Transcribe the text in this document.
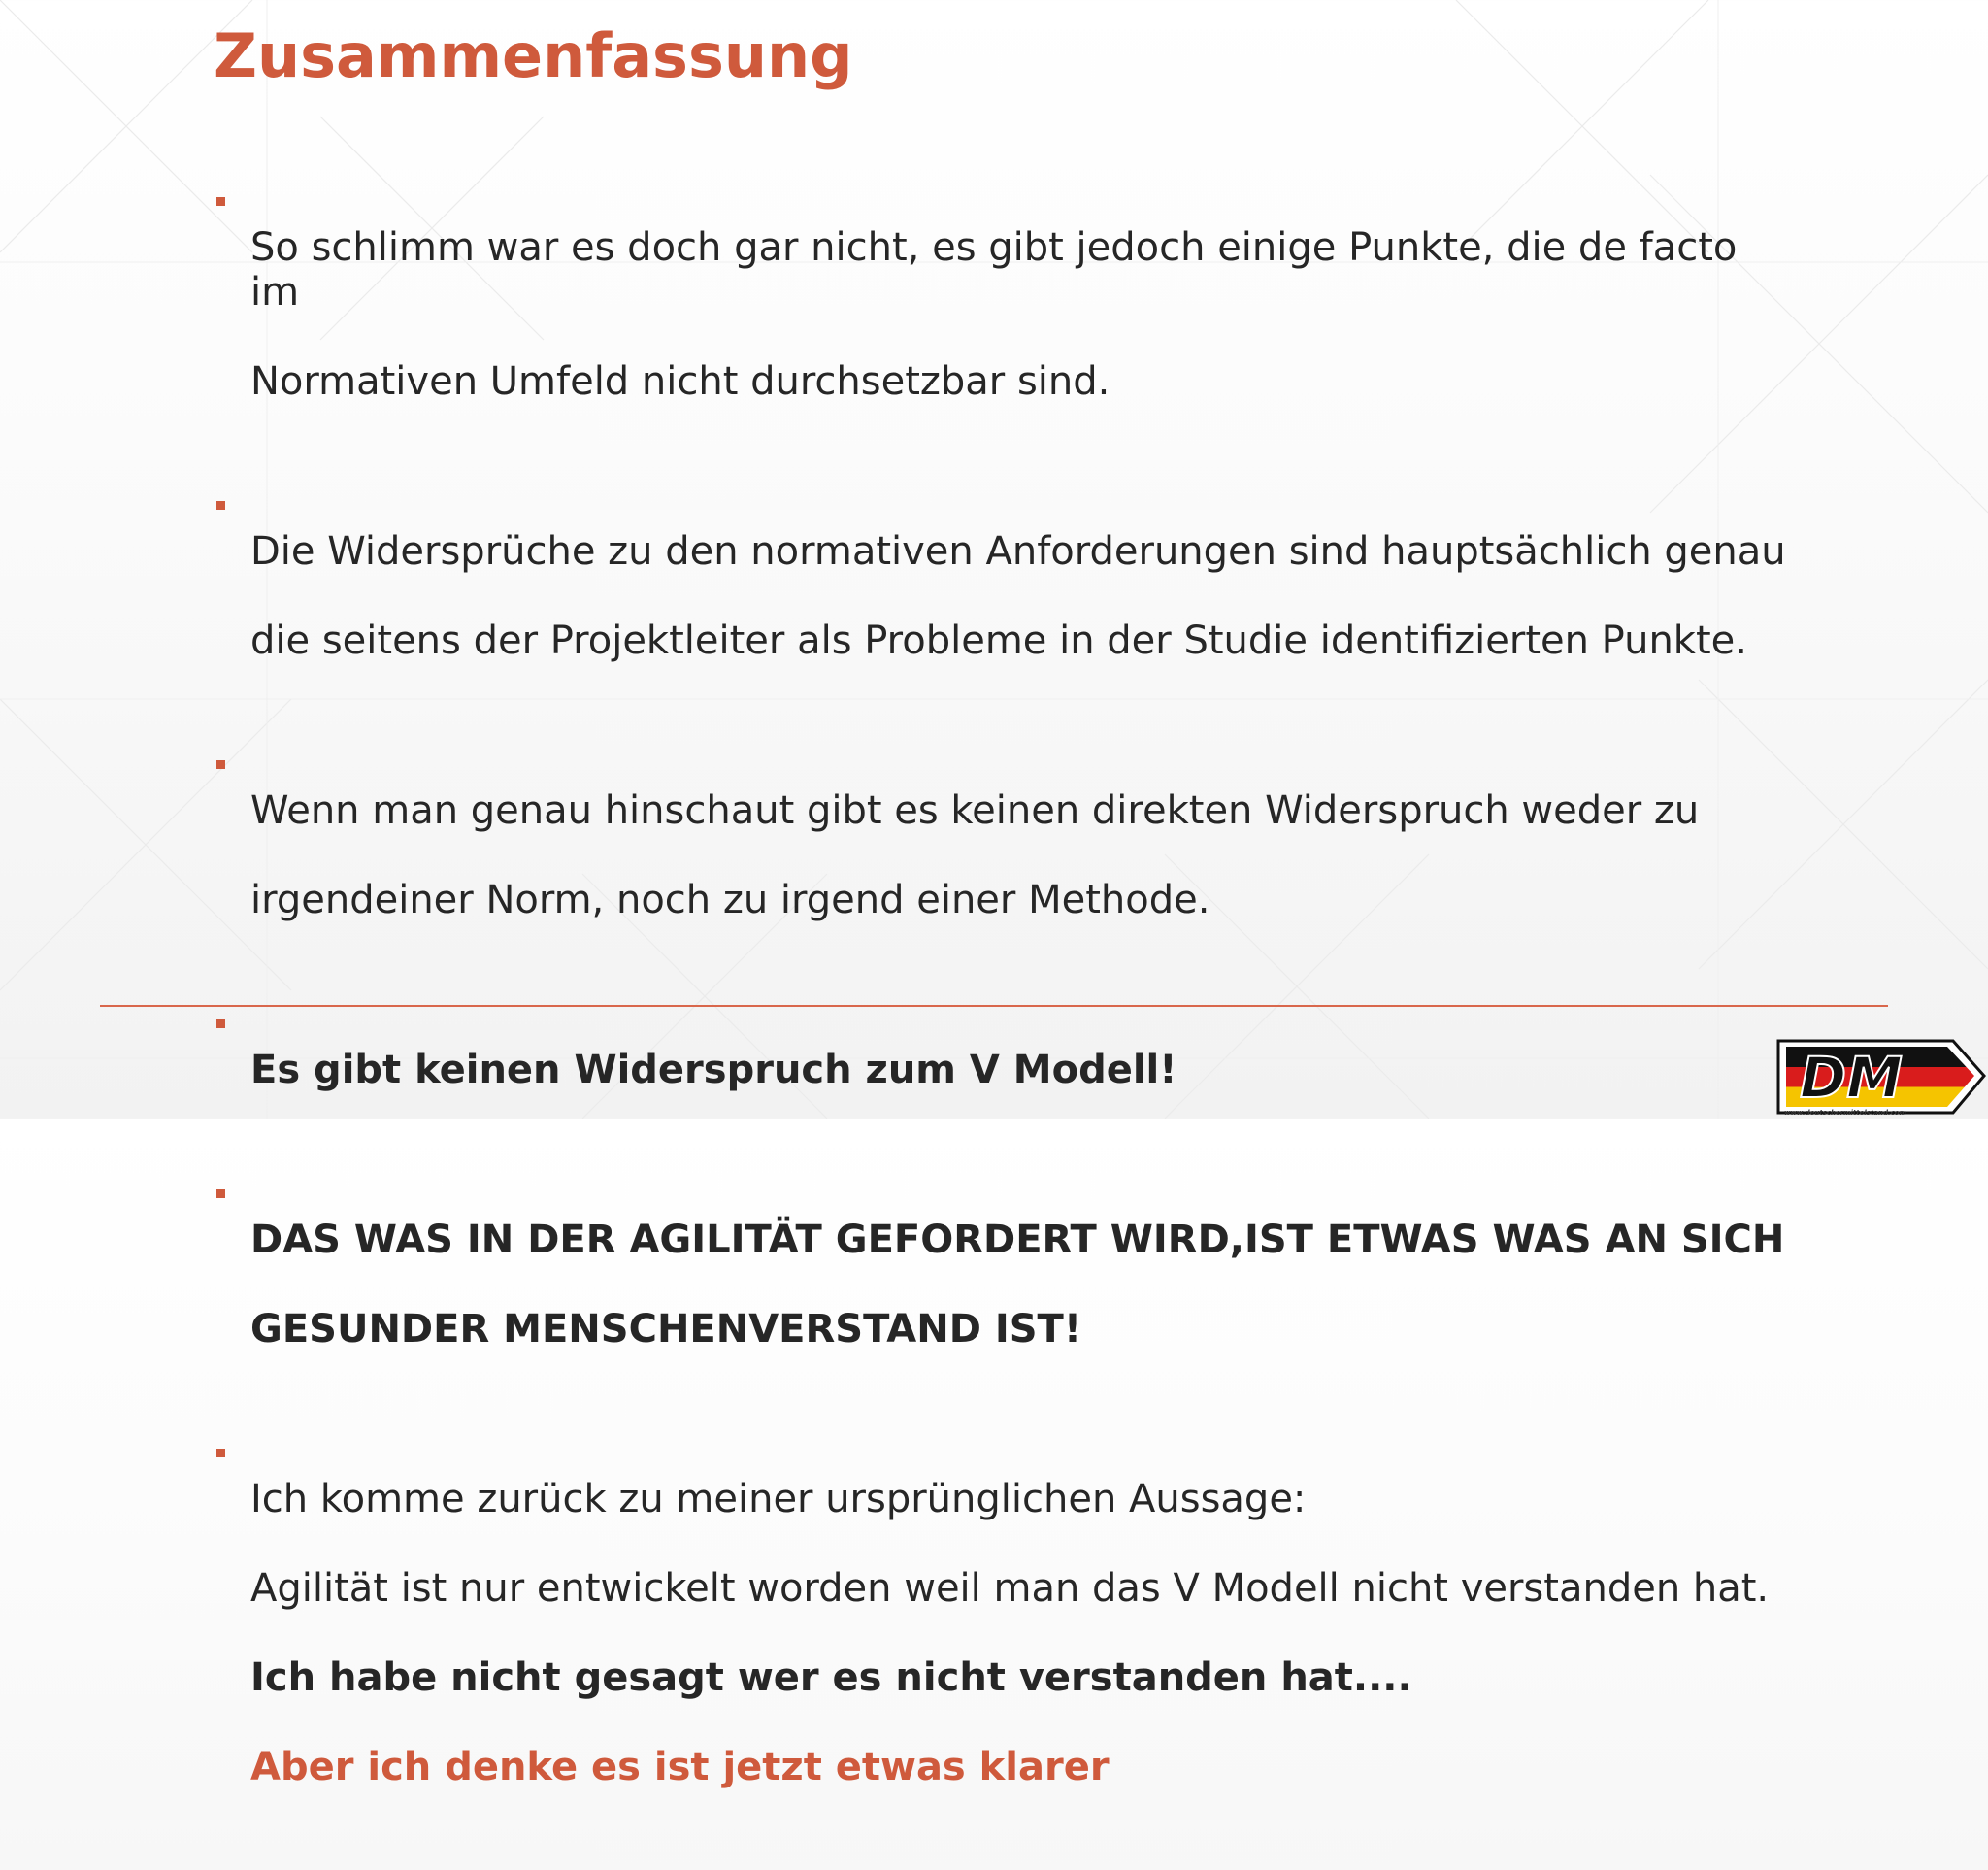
Zusammenfassung

So schlimm war es doch gar nicht, es gibt jedoch einige Punkte, die de facto im

Normativen Umfeld nicht durchsetzbar sind.

Die Widersprüche zu den normativen Anforderungen sind hauptsächlich genau

die seitens der Projektleiter als Probleme in der Studie identifizierten Punkte.

Wenn man genau hinschaut gibt es keinen direkten Widerspruch weder zu

irgendeiner Norm, noch zu irgend einer Methode.

Es gibt keinen Widerspruch zum V Modell!

DAS WAS IN DER AGILITÄT GEFORDERT WIRD,IST ETWAS WAS AN SICH

GESUNDER MENSCHENVERSTAND IST!

Ich komme zurück zu meiner ursprünglichen Aussage:

Agilität ist nur entwickelt worden weil man das V Modell nicht verstanden hat.

Ich habe nicht gesagt wer es nicht verstanden hat....

Aber ich denke es ist jetzt etwas klarer

DM
www.deutschermittelstand.com
